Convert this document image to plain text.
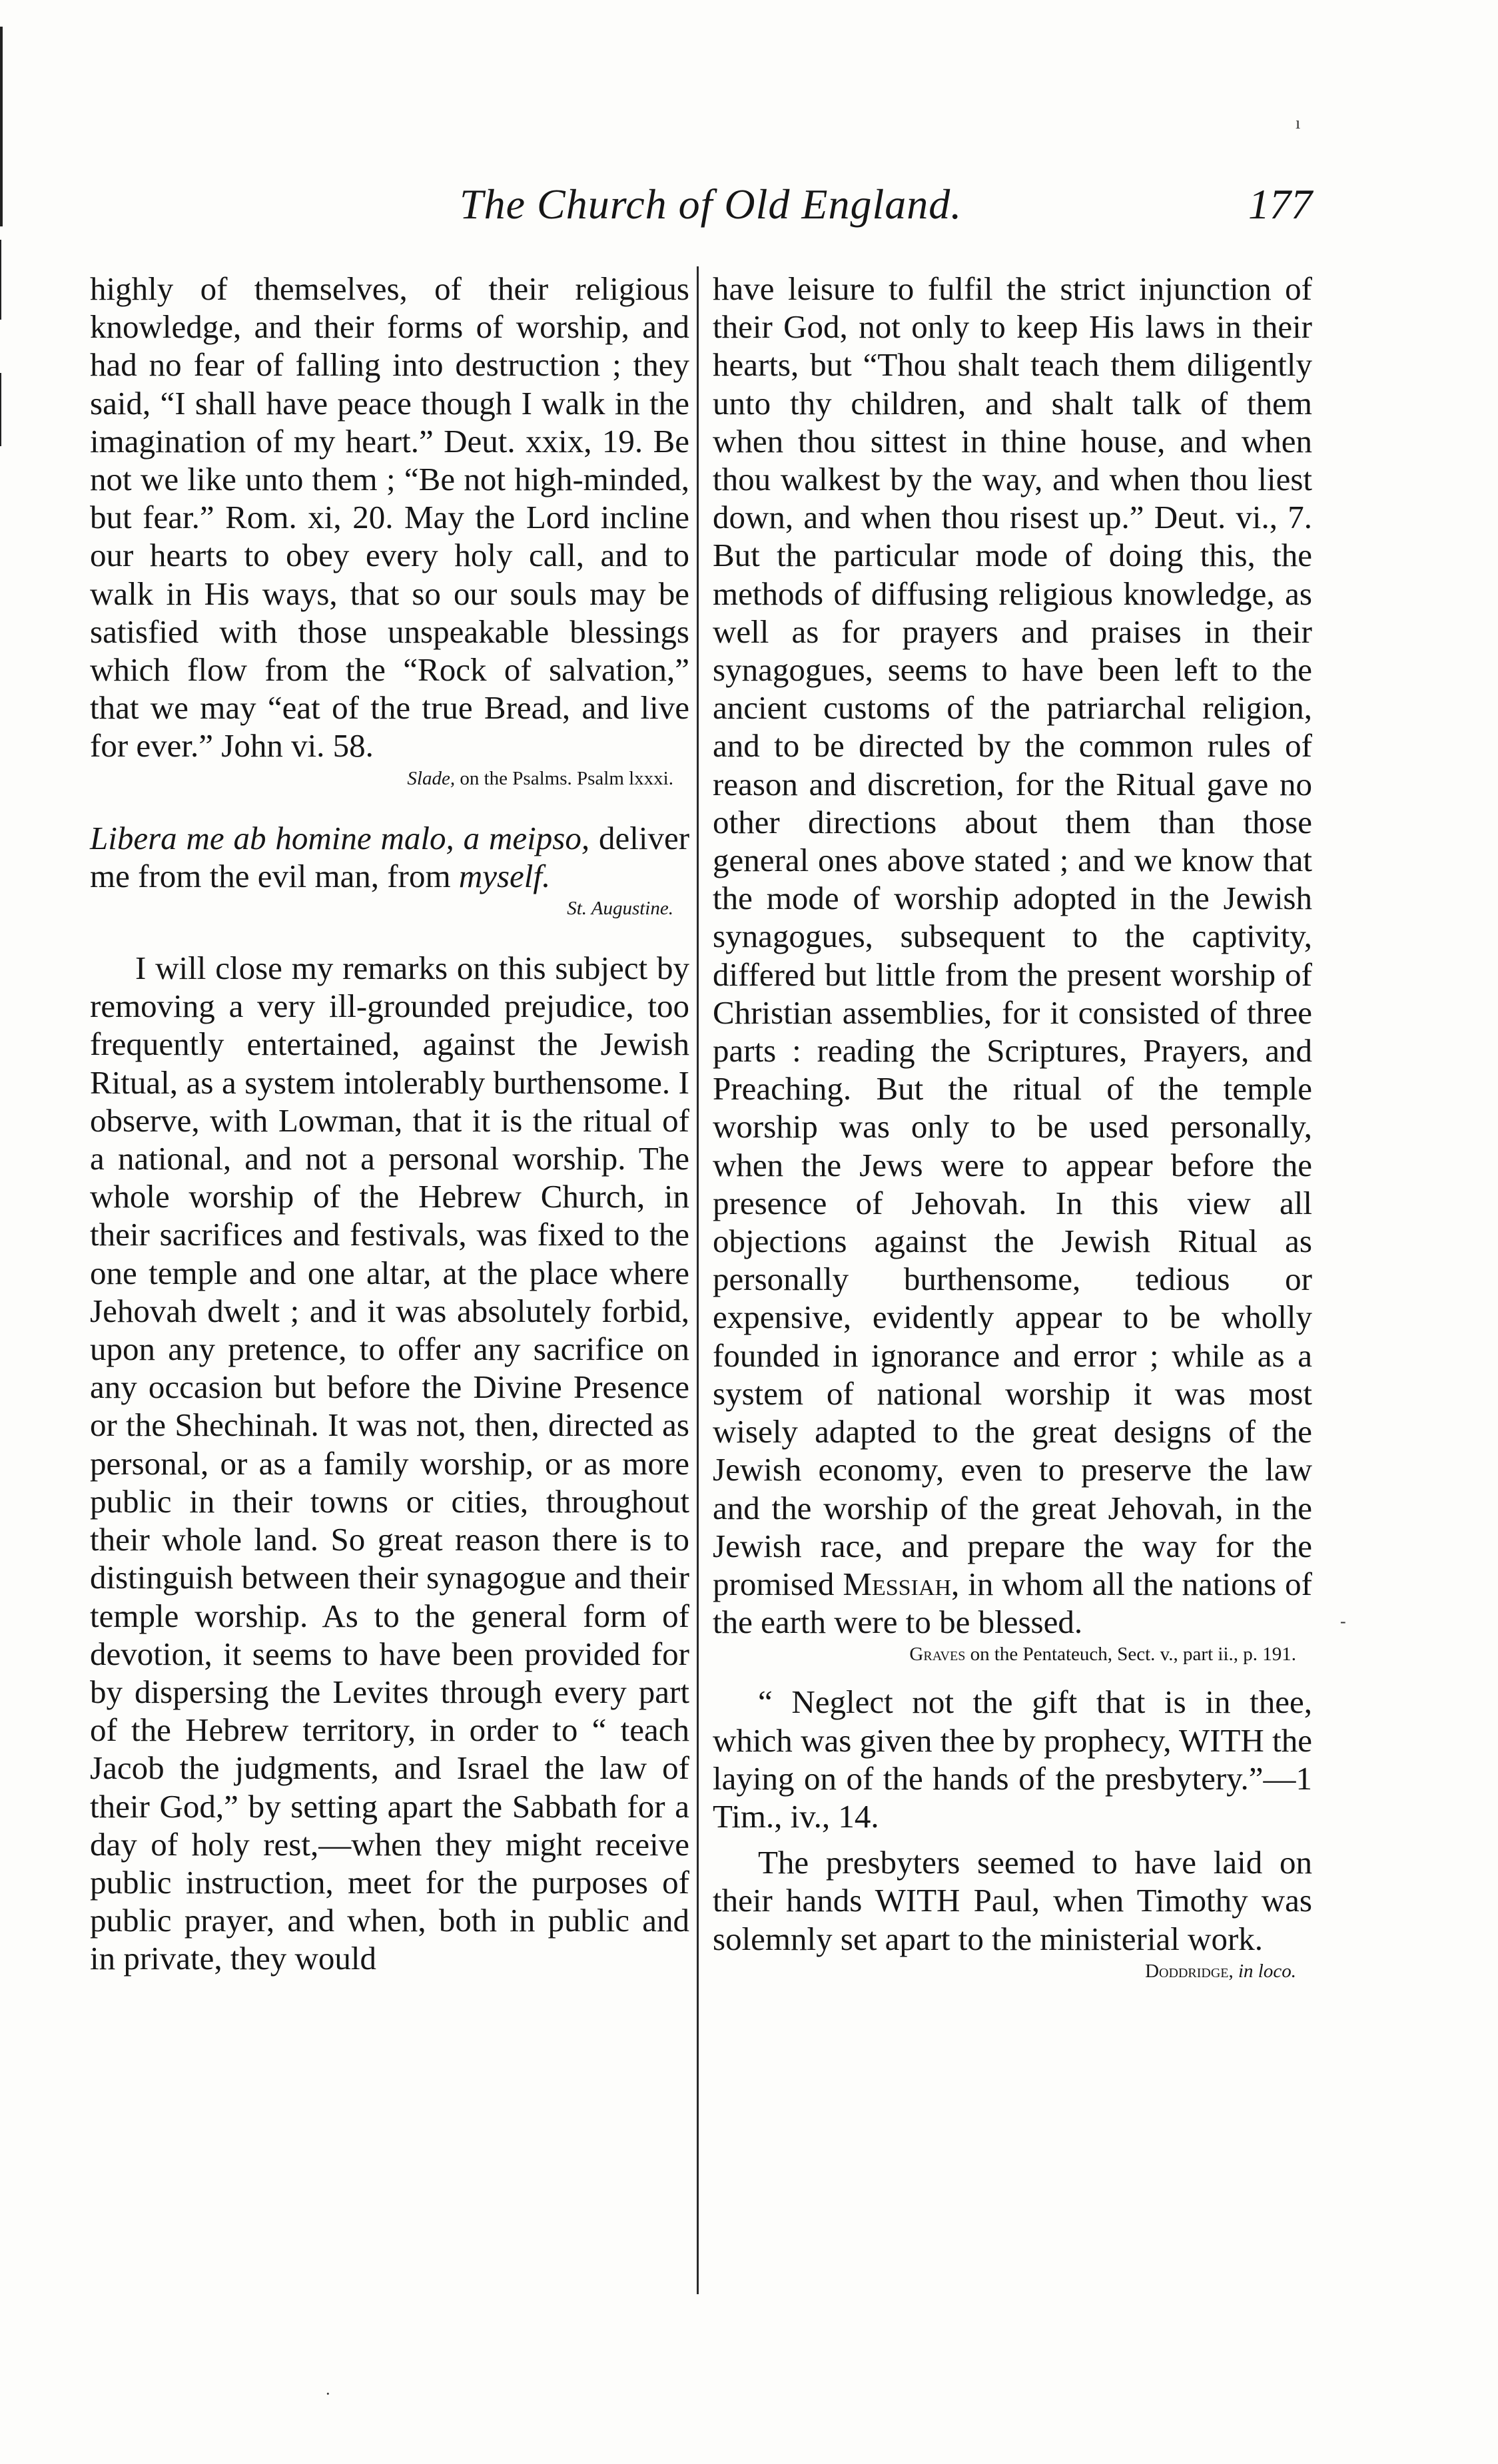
ı
-
·
The Church of Old England.	177

highly of themselves, of their religious knowledge, and their forms of worship, and had no fear of falling into destruction ; they said, “I shall have peace though I walk in the imagination of my heart.” Deut. xxix, 19. Be not we like unto them ; “Be not high-minded, but fear.” Rom. xi, 20. May the Lord incline our hearts to obey every holy call, and to walk in His ways, that so our souls may be satisfied with those unspeakable blessings which flow from the “Rock of salvation,” that we may “eat of the true Bread, and live for ever.” John vi. 58.

Slade, on the Psalms. Psalm lxxxi.

Libera me ab homine malo, a meipso, deliver me from the evil man, from myself.

St. Augustine.

I will close my remarks on this subject by removing a very ill-grounded prejudice, too frequently entertained, against the Jewish Ritual, as a system intolerably burthensome. I observe, with Lowman, that it is the ritual of a national, and not a personal worship. The whole worship of the Hebrew Church, in their sacrifices and festivals, was fixed to the one temple and one altar, at the place where Jehovah dwelt ; and it was absolutely forbid, upon any pretence, to offer any sacrifice on any occasion but before the Divine Presence or the Shechinah. It was not, then, directed as personal, or as a family worship, or as more public in their towns or cities, throughout their whole land. So great reason there is to distinguish between their synagogue and their temple worship. As to the general form of devotion, it seems to have been provided for by dispersing the Levites through every part of the Hebrew territory, in order to “ teach Jacob the judgments, and Israel the law of their God,” by setting apart the Sabbath for a day of holy rest,—when they might receive public instruction, meet for the purposes of public prayer, and when, both in public and in private, they would

have leisure to fulfil the strict injunction of their God, not only to keep His laws in their hearts, but “Thou shalt teach them diligently unto thy children, and shalt talk of them when thou sittest in thine house, and when thou walkest by the way, and when thou liest down, and when thou risest up.” Deut. vi., 7. But the particular mode of doing this, the methods of diffusing religious knowledge, as well as for prayers and praises in their synagogues, seems to have been left to the ancient customs of the patriarchal religion, and to be directed by the common rules of reason and discretion, for the Ritual gave no other directions about them than those general ones above stated ; and we know that the mode of worship adopted in the Jewish synagogues, subsequent to the captivity, differed but little from the present worship of Christian assemblies, for it consisted of three parts : reading the Scriptures, Prayers, and Preaching. But the ritual of the temple worship was only to be used personally, when the Jews were to appear before the presence of Jehovah. In this view all objections against the Jewish Ritual as personally burthensome, tedious or expensive, evidently appear to be wholly founded in ignorance and error ; while as a system of national worship it was most wisely adapted to the great designs of the Jewish economy, even to preserve the law and the worship of the great Jehovah, in the Jewish race, and prepare the way for the promised Messiah, in whom all the nations of the earth were to be blessed.

Graves on the Pentateuch, Sect. v., part ii., p. 191.

“ Neglect not the gift that is in thee, which was given thee by prophecy, WITH the laying on of the hands of the presbytery.”—1 Tim., iv., 14.

The presbyters seemed to have laid on their hands WITH Paul, when Timothy was solemnly set apart to the ministerial work.

Doddridge, in loco.
